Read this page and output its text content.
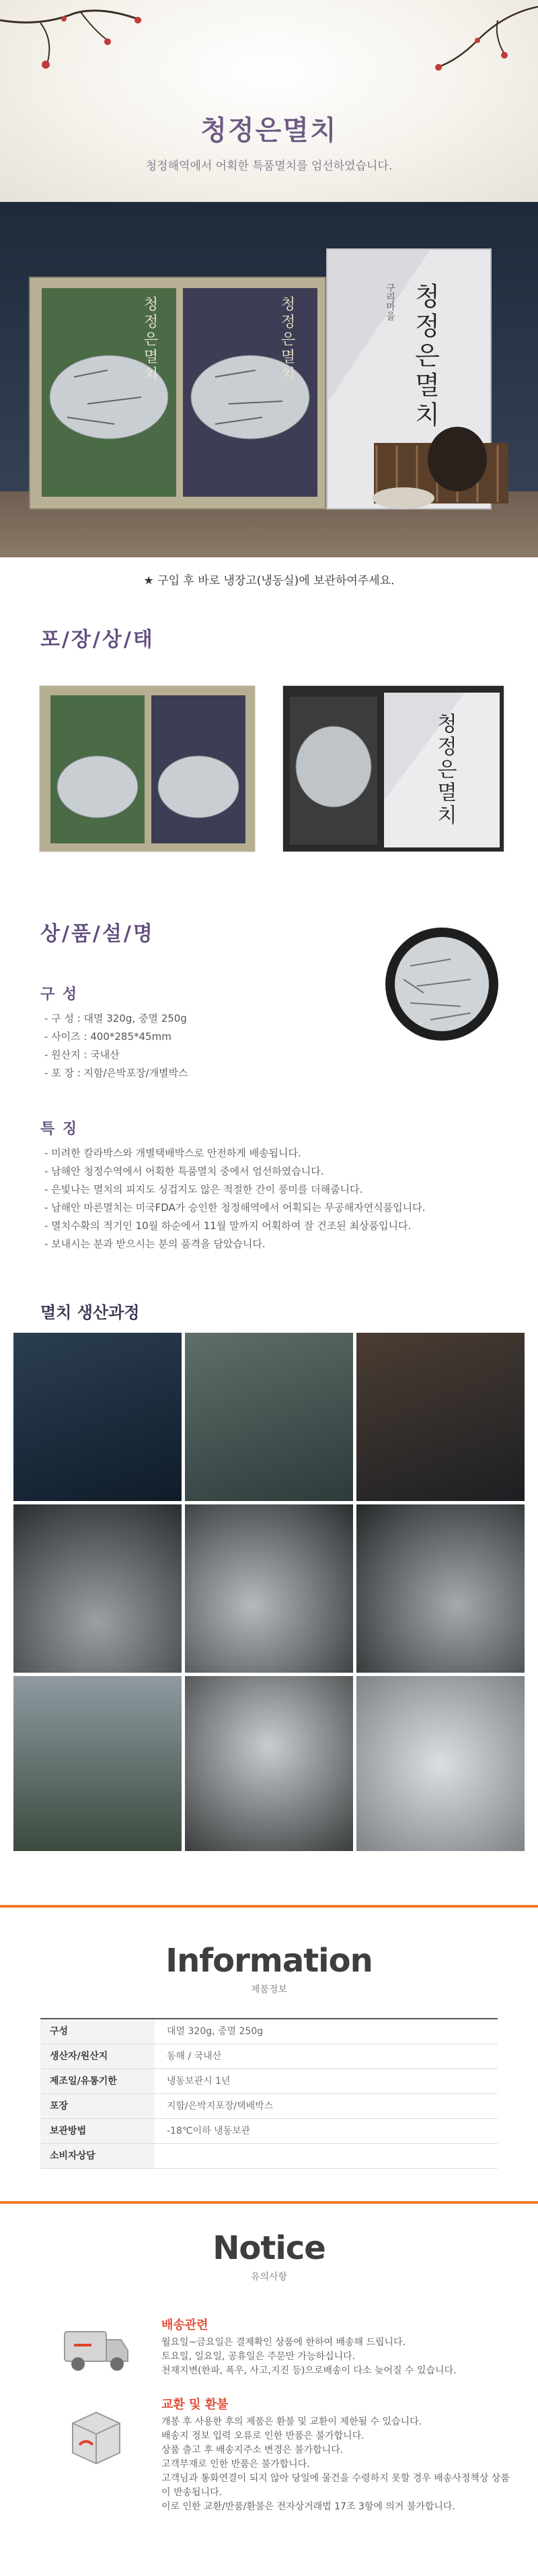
청정은멸치
청정해역에서 어획한 특품멸치를 엄선하였습니다.
청정은멸치	청정은멸치	청정은멸치
구리마을
★ 구입 후 바로 냉장고(냉동실)에 보관하여주세요.
포/장/상/태
청정은멸치
상/품/설/명
구 성
- 구 성 : 대멸 320g, 중멸 250g
- 사이즈 : 400*285*45mm
- 원산지 : 국내산
- 포 장 : 지함/은박포장/개별박스
특 징
- 미려한 칼라박스와 개별택배박스로 안전하게 배송됩니다.
- 남해안 청정수역에서 어획한 특품멸치 중에서 엄선하였습니다.
- 은빛나는 멸치의 피지도 싱겁지도 않은 적절한 간이 풍미를 더해줍니다.
- 남해안 마른멸치는 미국FDA가 승인한 청정해역에서 어획되는 무공해자연식품입니다.
- 멸치수확의 적기인 10월 하순에서 11월 말까지 어획하여 잘 건조된 최상품입니다.
- 보내시는 분과 받으시는 분의 품격을 담았습니다.
멸치 생산과정
Information
제품정보
구성	대멸 320g, 중멸 250g
생산자/원산지	동해 / 국내산
제조일/유통기한	냉동보관시 1년
포장	지함/은박지포장/택배박스
보관방법	-18℃이하 냉동보관
소비자상담
Notice
유의사항
배송관련
월요일~금요일은 결제확인 상품에 한하여 배송해 드립니다.
토요일, 일요일, 공휴일은 주문만 가능하십니다.
천재지변(한파, 폭우, 사고,지진 등)으로배송이 다소 늦어질 수 있습니다.
교환 및 환불
개봉 후 사용한 후의 제품은 환불 및 교환이 제한될 수 있습니다.
배송지 정보 입력 오류로 인한 반품은 불가합니다.
상품 출고 후 배송지주소 변경은 불가합니다.
고객부재로 인한 반품은 불가합니다.
고객님과 통화연결이 되지 않아 당일에 물건을 수령하지 못할 경우 배송사정책상 상품이 반송됩니다.
이로 인한 교환/반품/환불은 전자상거래법 17조 3항에 의거 불가합니다.
